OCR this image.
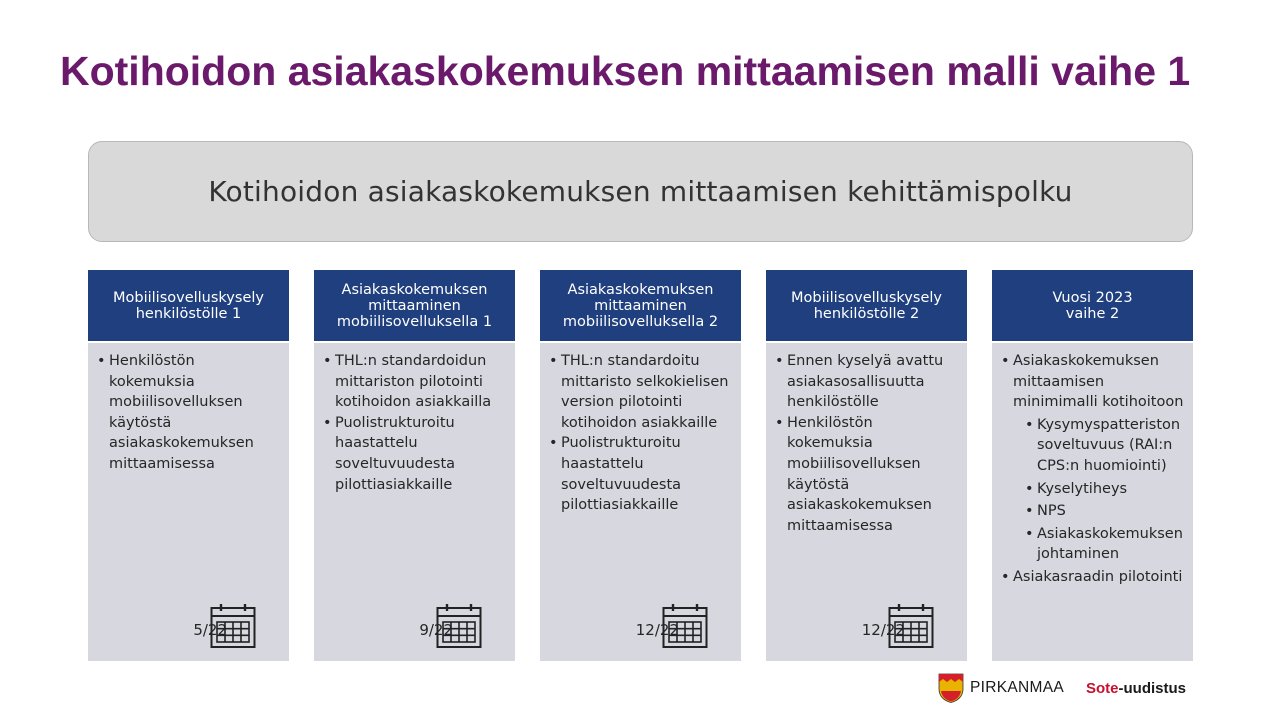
Kotihoidon asiakaskokemuksen mittaamisen malli vaihe 1
Kotihoidon asiakaskokemuksen mittaamisen kehittämispolku
Mobiilisovelluskysely
henkilöstölle 1
• Henkilöstön kokemuksia mobiilisovelluksen käytöstä asiakaskokemuksen mittaamisessa
5/22
Asiakaskokemuksen
mittaaminen
mobiilisovelluksella 1
• THL:n standardoidun mittariston pilotointi kotihoidon asiakkailla
• Puolistrukturoitu haastattelu soveltuvuudesta pilottiasiakkaille
9/22
Asiakaskokemuksen
mittaaminen
mobiilisovelluksella 2
• THL:n standardoitu mittaristo selkokielisen version pilotointi kotihoidon asiakkaille
• Puolistrukturoitu haastattelu soveltuvuudesta pilottiasiakkaille
12/22
Mobiilisovelluskysely
henkilöstölle 2
• Ennen kyselyä avattu asiakasosallisuutta henkilöstölle
• Henkilöstön kokemuksia mobiilisovelluksen käytöstä asiakaskokemuksen mittaamisessa
12/22
Vuosi 2023
vaihe 2
• Asiakaskokemuksen mittaamisen minimimalli kotihoitoon
• Kysymyspatteriston soveltuvuus (RAI:n CPS:n huomiointi)
• Kyselytiheys
• NPS
• Asiakaskokemuksen johtaminen
• Asiakasraadin pilotointi
PIRKANMAA Sote-uudistus
